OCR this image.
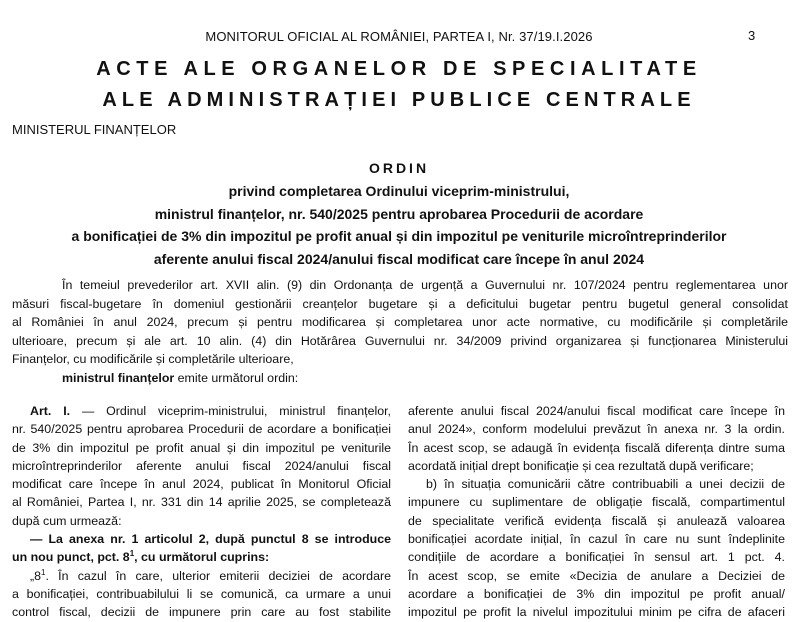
MONITORUL OFICIAL AL ROMÂNIEI, PARTEA I, Nr. 37/19.I.2026	3
ACTE ALE ORGANELOR DE SPECIALITATE
ALE ADMINISTRAȚIEI PUBLICE CENTRALE
MINISTERUL FINANȚELOR
ORDIN
privind completarea Ordinului viceprim-ministrului,
ministrul finanțelor, nr. 540/2025 pentru aprobarea Procedurii de acordare
a bonificației de 3% din impozitul pe profit anual și din impozitul pe veniturile microîntreprinderilor
aferente anului fiscal 2024/anului fiscal modificat care începe în anul 2024
În temeiul prevederilor art. XVII alin. (9) din Ordonanța de urgență a Guvernului nr. 107/2024 pentru reglementarea unor
măsuri fiscal-bugetare în domeniul gestionării creanțelor bugetare și a deficitului bugetar pentru bugetul general consolidat
al României în anul 2024, precum și pentru modificarea și completarea unor acte normative, cu modificările și completările
ulterioare, precum și ale art. 10 alin. (4) din Hotărârea Guvernului nr. 34/2009 privind organizarea și funcționarea Ministerului
Finanțelor, cu modificările și completările ulterioare,
ministrul finanțelor emite următorul ordin:
Art. I. — Ordinul viceprim-ministrului, ministrul finanțelor,
nr. 540/2025 pentru aprobarea Procedurii de acordare a bonificației
de 3% din impozitul pe profit anual și din impozitul pe veniturile
microîntreprinderilor aferente anului fiscal 2024/anului fiscal
modificat care începe în anul 2024, publicat în Monitorul Oficial
al României, Partea I, nr. 331 din 14 aprilie 2025, se completează
după cum urmează:
— La anexa nr. 1 articolul 2, după punctul 8 se introduce
un nou punct, pct. $8^1$, cu următorul cuprins:
$„8^1$. În cazul în care, ulterior emiterii deciziei de acordare
a bonificației, contribuabilului li se comunică, ca urmare a unui
control fiscal, decizii de impunere prin care au fost stabilite
aferente anului fiscal 2024/anului fiscal modificat care începe în
anul 2024», conform modelului prevăzut în anexa nr. 3 la ordin.
În acest scop, se adaugă în evidența fiscală diferența dintre suma
acordată inițial drept bonificație și cea rezultată după verificare;
b) în situația comunicării către contribuabili a unei decizii de
impunere cu suplimentare de obligație fiscală, compartimentul
de specialitate verifică evidența fiscală și anulează valoarea
bonificației acordate inițial, în cazul în care nu sunt îndeplinite
condițiile de acordare a bonificației în sensul art. 1 pct. 4.
În acest scop, se emite «Decizia de anulare a Deciziei de
acordare a bonificației de 3% din impozitul pe profit anual/
impozitul pe profit la nivelul impozitului minim pe cifra de afaceri
